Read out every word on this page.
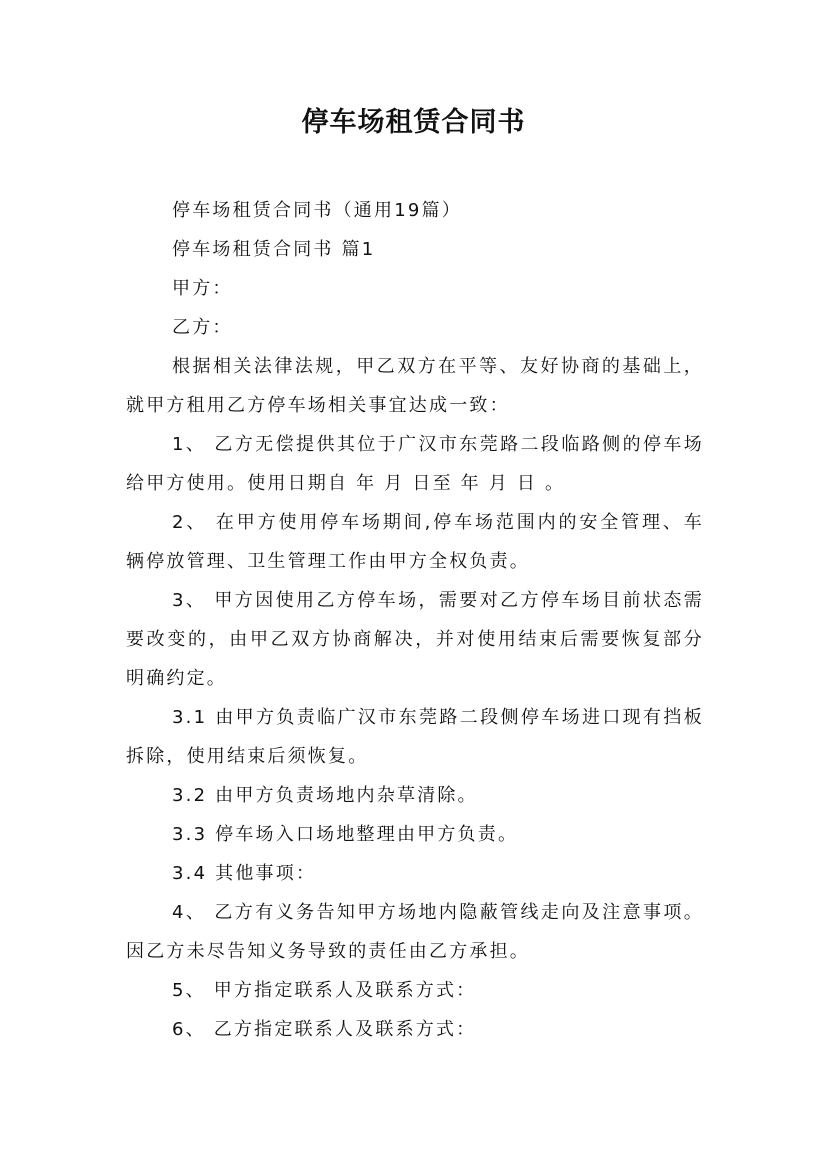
停车场租赁合同书

停车场租赁合同书（通用19篇）

停车场租赁合同书 篇1

甲方：

乙方：

根据相关法律法规，甲乙双方在平等、友好协商的基础上，就甲方租用乙方停车场相关事宜达成一致：

1、 乙方无偿提供其位于广汉市东莞路二段临路侧的停车场给甲方使用。使用日期自 年 月 日至 年 月 日 。

2、 在甲方使用停车场期间,停车场范围内的安全管理、车辆停放管理、卫生管理工作由甲方全权负责。

3、 甲方因使用乙方停车场，需要对乙方停车场目前状态需要改变的，由甲乙双方协商解决，并对使用结束后需要恢复部分明确约定。

3.1 由甲方负责临广汉市东莞路二段侧停车场进口现有挡板拆除，使用结束后须恢复。

3.2 由甲方负责场地内杂草清除。

3.3 停车场入口场地整理由甲方负责。

3.4 其他事项：

4、 乙方有义务告知甲方场地内隐蔽管线走向及注意事项。因乙方未尽告知义务导致的责任由乙方承担。

5、 甲方指定联系人及联系方式：

6、 乙方指定联系人及联系方式：
